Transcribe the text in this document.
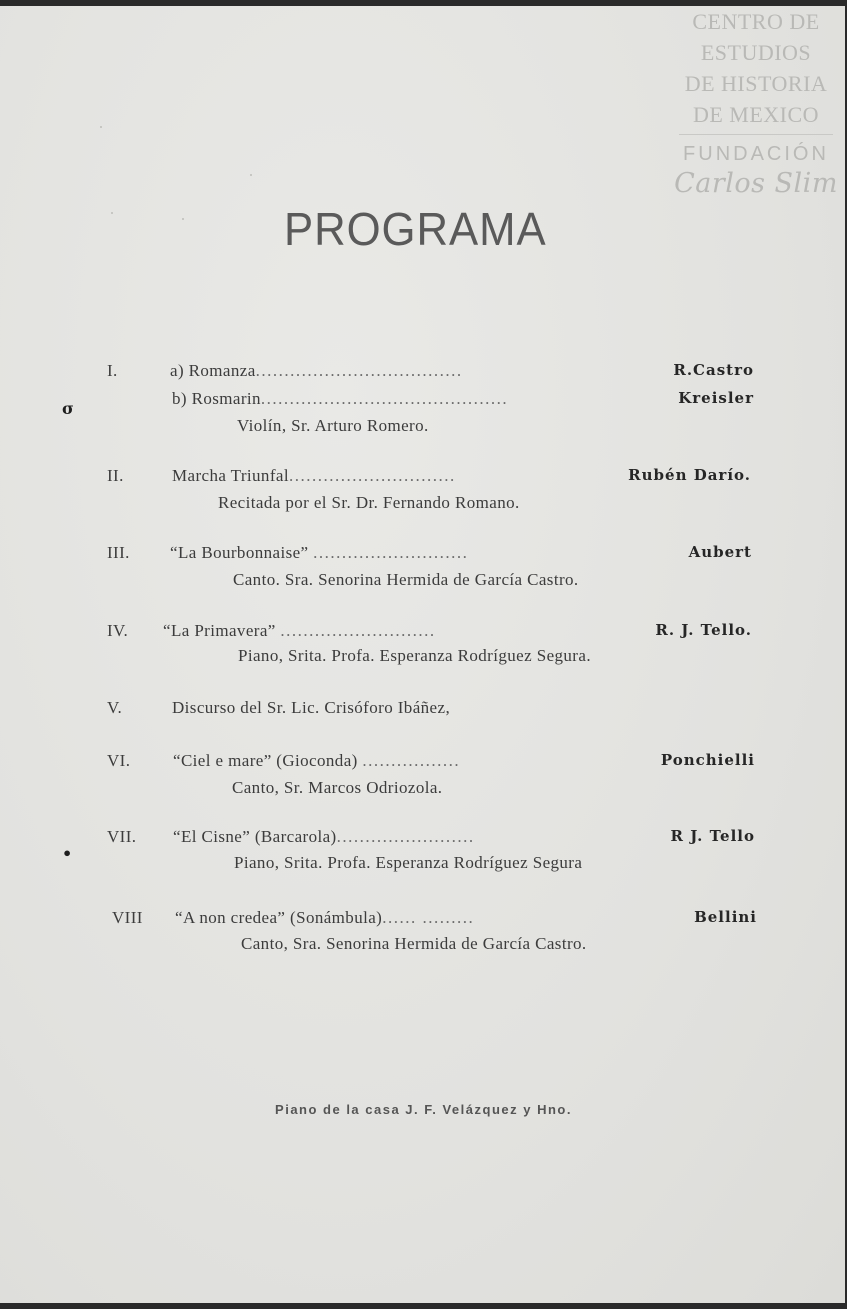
CENTRO DE
ESTUDIOS
DE HISTORIA
DE MEXICO
FUNDACIÓN
Carlos Slim
PROGRAMA
I.	a) Romanza....................................	R.Castro
b) Rosmarin...........................................	Kreisler
Violín, Sr. Arturo Romero.
II.	Marcha Triunfal.............................	Rubén Darío.
Recitada por el Sr. Dr. Fernando Romano.
III. “La Bourbonnaise” ...........................	Aubert
Canto. Sra. Senorina Hermida de García Castro.
IV. “La Primavera” ...........................	R. J. Tello.
Piano, Srita. Profa. Esperanza Rodríguez Segura.
V.	Discurso del Sr. Lic. Crisóforo Ibáñez,
VI.	“Ciel e mare” (Gioconda) .................	Ponchielli
Canto, Sr. Marcos Odriozola.
VII. “El Cisne” (Barcarola)........................	R J. Tello
Piano, Srita. Profa. Esperanza Rodríguez Segura
VIII “A non credea” (Sonámbula)...... .........	Bellini
Canto, Sra. Senorina Hermida de García Castro.
σ
•
Piano de la casa J. F. Velázquez y Hno.
